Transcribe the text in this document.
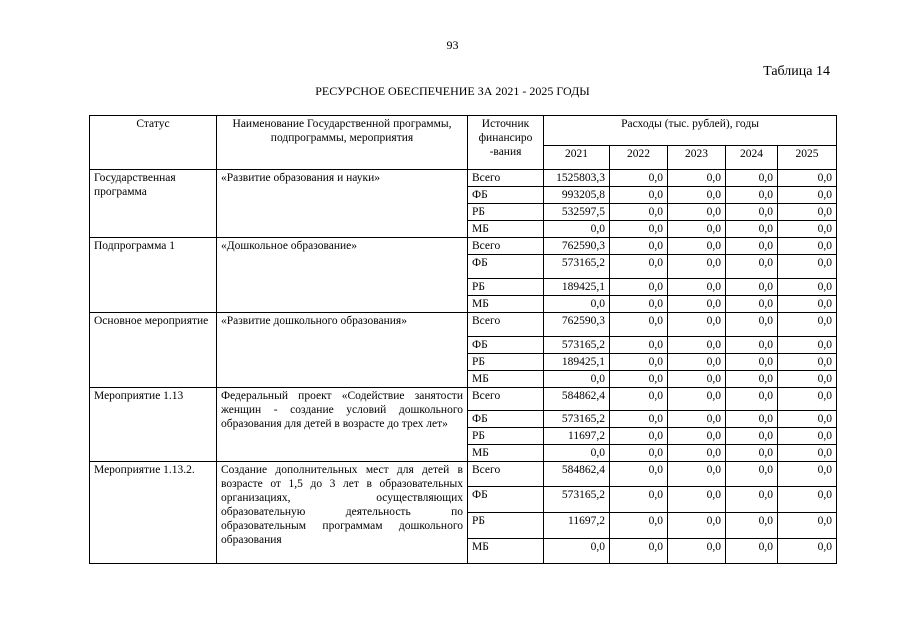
93
Таблица 14
РЕСУРСНОЕ ОБЕСПЕЧЕНИЕ ЗА 2021 - 2025 ГОДЫ
Статус	Наименование Государственной программы, подпрограммы, мероприятия	Источник финансиро -вания	Расходы (тыс. рублей), годы				
			2021	2022	2023	2024	2025
Государственная программа	«Развитие образования и науки»	Всего	1525803,3	0,0	0,0	0,0	0,0
		ФБ	993205,8	0,0	0,0	0,0	0,0
		РБ	532597,5	0,0	0,0	0,0	0,0
		МБ	0,0	0,0	0,0	0,0	0,0
Подпрограмма 1	«Дошкольное образование»	Всего	762590,3	0,0	0,0	0,0	0,0
		ФБ	573165,2	0,0	0,0	0,0	0,0
		РБ	189425,1	0,0	0,0	0,0	0,0
		МБ	0,0	0,0	0,0	0,0	0,0
Основное мероприятие	«Развитие дошкольного образования»	Всего	762590,3	0,0	0,0	0,0	0,0
		ФБ	573165,2	0,0	0,0	0,0	0,0
		РБ	189425,1	0,0	0,0	0,0	0,0
		МБ	0,0	0,0	0,0	0,0	0,0
Мероприятие 1.13	Федеральный проект «Содействие занятости женщин - создание условий дошкольного образования для детей в возрасте до трех лет»	Всего	584862,4	0,0	0,0	0,0	0,0
		ФБ	573165,2	0,0	0,0	0,0	0,0
		РБ	11697,2	0,0	0,0	0,0	0,0
		МБ	0,0	0,0	0,0	0,0	0,0
Мероприятие 1.13.2.	Создание дополнительных мест для детей в возрасте от 1,5 до 3 лет в образовательных организациях, осуществляющих образовательную деятельность по образовательным программам дошкольного образования	Всего	584862,4	0,0	0,0	0,0	0,0
		ФБ	573165,2	0,0	0,0	0,0	0,0
		РБ	11697,2	0,0	0,0	0,0	0,0
		МБ	0,0	0,0	0,0	0,0	0,0
